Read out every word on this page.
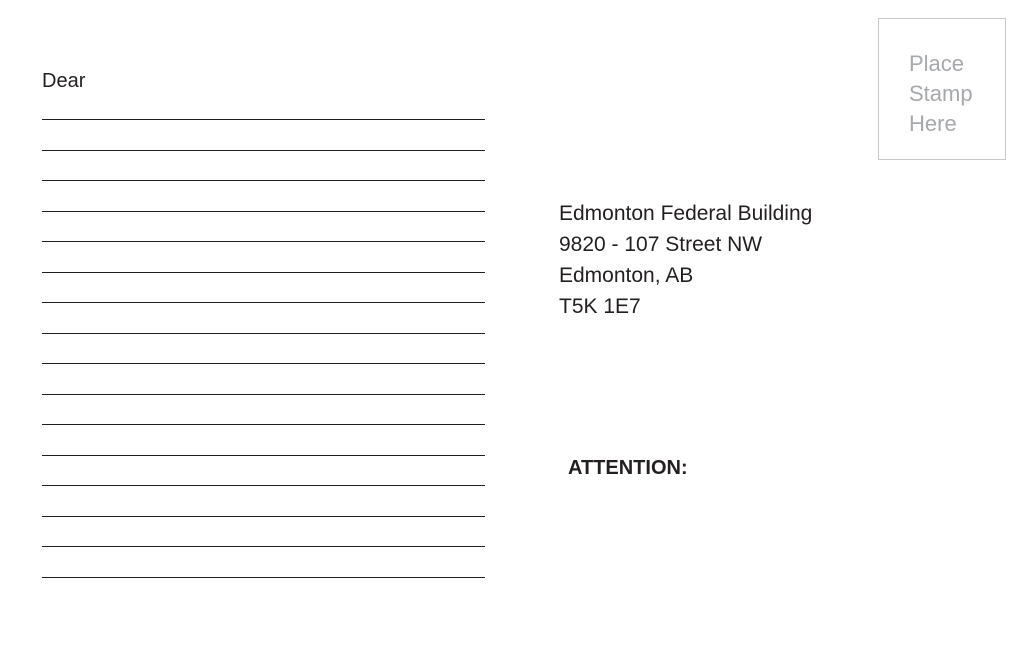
Dear
Place
Stamp
Here
Edmonton Federal Building
9820 - 107 Street NW
Edmonton, AB
T5K 1E7
ATTENTION:
